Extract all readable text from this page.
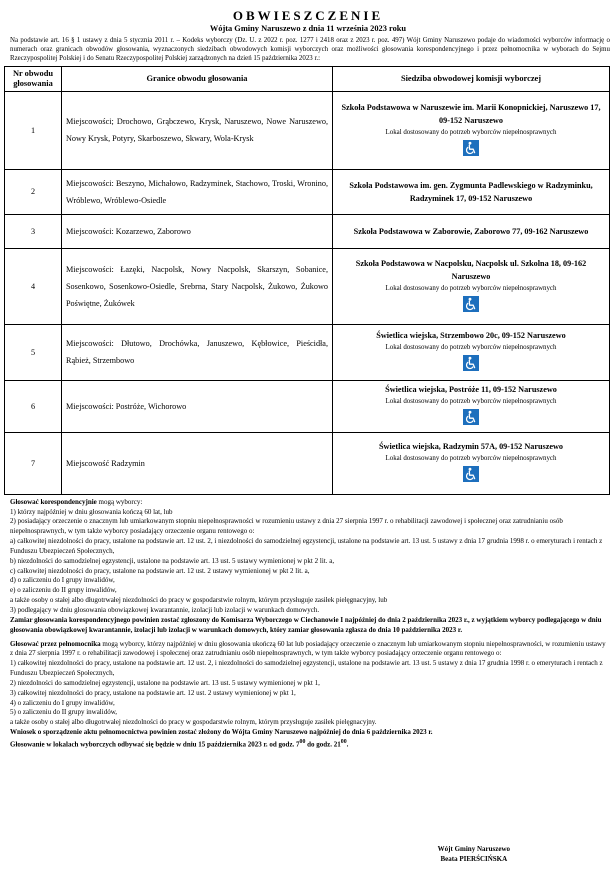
OBWIESZCZENIE
Wójta Gminy Naruszewo z dnia 11 września 2023 roku
Na podstawie art. 16 § 1 ustawy z dnia 5 stycznia 2011 r. – Kodeks wyborczy (Dz. U. z 2022 r. poz. 1277 i 2418 oraz z 2023 r. poz. 497) Wójt Gminy Naruszewo podaje do wiadomości wyborców informację o numerach oraz granicach obwodów głosowania, wyznaczonych siedzibach obwodowych komisji wyborczych oraz możliwości głosowania korespondencyjnego i przez pełnomocnika w wyborach do Sejmu Rzeczypospolitej Polskiej i do Senatu Rzeczypospolitej Polskiej zarządzonych na dzień 15 października 2023 r.:
Nr obwodu głosowania	Granice obwodu głosowania	Siedziba obwodowej komisji wyborczej
1	Miejscowości; Drochowo, Grąbczewo, Krysk, Naruszewo, Nowe Naruszewo, Nowy Krysk, Potyry, Skarboszewo, Skwary, Wola-Krysk	Szkoła Podstawowa w Naruszewie im. Marii Konopnickiej, Naruszewo 17, 09-152 Naruszewo
Lokal dostosowany do potrzeb wyborców niepełnosprawnych

2	Miejscowości: Beszyno, Michałowo, Radzyminek, Stachowo, Troski, Wronino, Wróblewo, Wróblewo-Osiedle	Szkoła Podstawowa im. gen. Zygmunta Padlewskiego w Radzyminku, Radzyminek 17, 09-152 Naruszewo

3	Miejscowości: Kozarzewo, Zaborowo	Szkoła Podstawowa w Zaborowie, Zaborowo 77, 09-162 Naruszewo

4	Miejscowości: Łazęki, Nacpolsk, Nowy Nacpolsk, Skarszyn, Sobanice, Sosenkowo, Sosenkowo-Osiedle, Srebrna, Stary Nacpolsk, Żukowo, Żukowo Poświętne, Żukówek	Szkoła Podstawowa w Nacpolsku, Nacpolsk ul. Szkolna 18, 09-162 Naruszewo
Lokal dostosowany do potrzeb wyborców niepełnosprawnych

5	Miejscowości: Dłutowo, Drochówka, Januszewo, Kębłowice, Pieścidła, Rąbież, Strzembowo	Świetlica wiejska, Strzembowo 20c, 09-152 Naruszewo
Lokal dostosowany do potrzeb wyborców niepełnosprawnych

6	Miejscowości: Postróże, Wichorowo	Świetlica wiejska, Postróże 11, 09-152 Naruszewo
Lokal dostosowany do potrzeb wyborców niepełnosprawnych

7	Miejscowość Radzymin	Świetlica wiejska, Radzymin 57A, 09-152 Naruszewo
Lokal dostosowany do potrzeb wyborców niepełnosprawnych

Głosować korespondencyjnie mogą wyborcy:

1) którzy najpóźniej w dniu głosowania kończą 60 lat, lub

2) posiadający orzeczenie o znacznym lub umiarkowanym stopniu niepełnosprawności w rozumieniu ustawy z dnia 27 sierpnia 1997 r. o rehabilitacji zawodowej i społecznej oraz zatrudnianiu osób niepełnosprawnych, w tym także wyborcy posiadający orzeczenie organu rentowego o:

a) całkowitej niezdolności do pracy, ustalone na podstawie art. 12 ust. 2, i niezdolności do samodzielnej egzystencji, ustalone na podstawie art. 13 ust. 5 ustawy z dnia 17 grudnia 1998 r. o emeryturach i rentach z Funduszu Ubezpieczeń Społecznych,

b) niezdolności do samodzielnej egzystencji, ustalone na podstawie art. 13 ust. 5 ustawy wymienionej w pkt 2 lit. a,

c) całkowitej niezdolności do pracy, ustalone na podstawie art. 12 ust. 2 ustawy wymienionej w pkt 2 lit. a,

d) o zaliczeniu do I grupy inwalidów,

e) o zaliczeniu do II grupy inwalidów,

a także osoby o stałej albo długotrwałej niezdolności do pracy w gospodarstwie rolnym, którym przysługuje zasiłek pielęgnacyjny, lub

3) podlegający w dniu głosowania obowiązkowej kwarantannie, izolacji lub izolacji w warunkach domowych.

Zamiar głosowania korespondencyjnego powinien zostać zgłoszony do Komisarza Wyborczego w Ciechanowie I najpóźniej do dnia 2 października 2023 r., z wyjątkiem wyborcy podlegającego w dniu głosowania obowiązkowej kwarantannie, izolacji lub izolacji w warunkach domowych, który zamiar głosowania zgłasza do dnia 10 października 2023 r.

Głosować przez pełnomocnika mogą wyborcy, którzy najpóźniej w dniu głosowania ukończą 60 lat lub posiadający orzeczenie o znacznym lub umiarkowanym stopniu niepełnosprawności, w rozumieniu ustawy z dnia 27 sierpnia 1997 r. o rehabilitacji zawodowej i społecznej oraz zatrudnianiu osób niepełnosprawnych, w tym także wyborcy posiadający orzeczenie organu rentowego o:

1) całkowitej niezdolności do pracy, ustalone na podstawie art. 12 ust. 2, i niezdolności do samodzielnej egzystencji, ustalone na podstawie art. 13 ust. 5 ustawy z dnia 17 grudnia 1998 r. o emeryturach i rentach z Funduszu Ubezpieczeń Społecznych,

2) niezdolności do samodzielnej egzystencji, ustalone na podstawie art. 13 ust. 5 ustawy wymienionej w pkt 1,

3) całkowitej niezdolności do pracy, ustalone na podstawie art. 12 ust. 2 ustawy wymienionej w pkt 1,

4) o zaliczeniu do I grupy inwalidów,

5) o zaliczeniu do II grupy inwalidów,

a także osoby o stałej albo długotrwałej niezdolności do pracy w gospodarstwie rolnym, którym przysługuje zasiłek pielęgnacyjny.

Wniosek o sporządzenie aktu pełnomocnictwa powinien zostać złożony do Wójta Gminy Naruszewo najpóźniej do dnia 6 października 2023 r.

Głosowanie w lokalach wyborczych odbywać się będzie w dniu 15 października 2023 r. od godz. $7^{00}$ do godz. $21^{00}$.

Wójt Gminy Naruszewo
Beata PIERŚCIŃSKA
